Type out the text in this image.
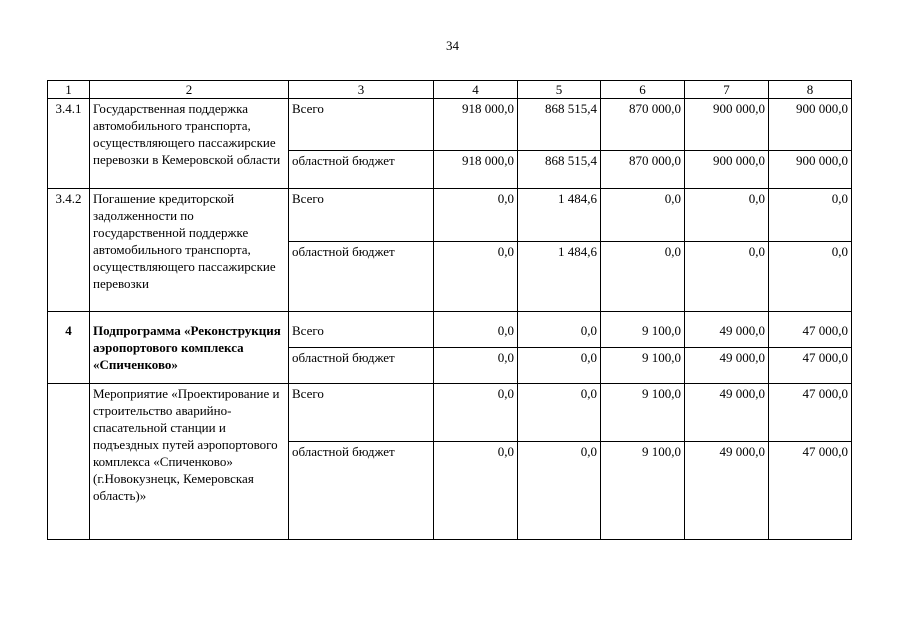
34
1	2	3	4	5	6	7	8
3.4.1	Государственная поддержка автомобильного транспорта, осуществляющего пассажирские перевозки в Кемеровской области	Всего	918 000,0	868 515,4	870 000,0	900 000,0	900 000,0
		областной бюджет	918 000,0	868 515,4	870 000,0	900 000,0	900 000,0
3.4.2	Погашение кредиторской задолженности по государственной поддержке автомобильного транспорта, осуществляющего пассажирские перевозки	Всего	0,0	1 484,6	0,0	0,0	0,0
		областной бюджет	0,0	1 484,6	0,0	0,0	0,0
4	Подпрограмма «Реконструкция аэропортового комплекса «Спиченково»	Всего	0,0	0,0	9 100,0	49 000,0	47 000,0
		областной бюджет	0,0	0,0	9 100,0	49 000,0	47 000,0
	Мероприятие «Проектирование и строительство аварийно-спасательной станции и подъездных путей аэропортового комплекса «Спиченково» (г.Новокузнецк, Кемеровская область)»	Всего	0,0	0,0	9 100,0	49 000,0	47 000,0
		областной бюджет	0,0	0,0	9 100,0	49 000,0	47 000,0
